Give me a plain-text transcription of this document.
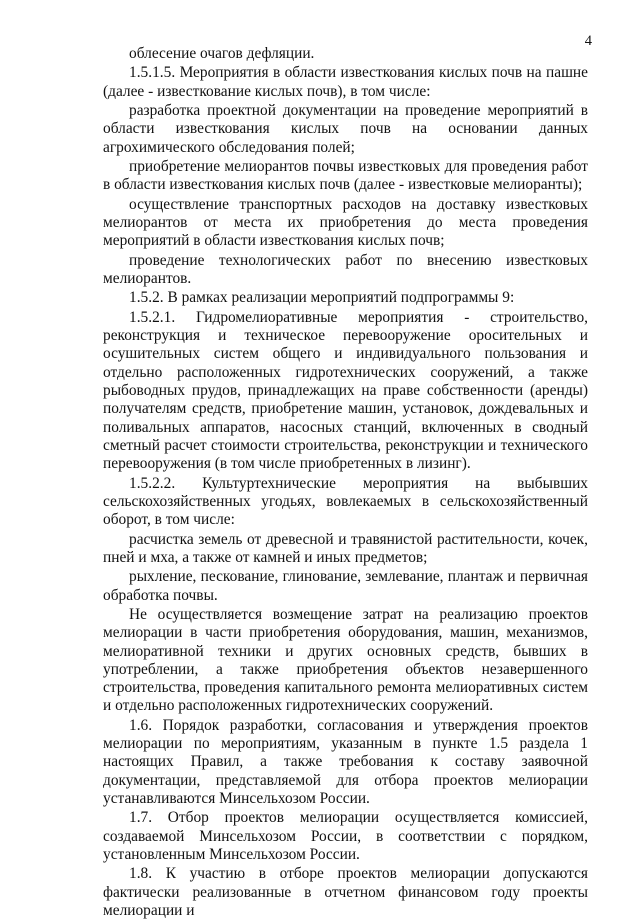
4

облесение очагов дефляции.

1.5.1.5. Мероприятия в области известкования кислых почв на пашне (далее - известкование кислых почв), в том числе:

разработка проектной документации на проведение мероприятий в области известкования кислых почв на основании данных агрохимического обследования полей;

приобретение мелиорантов почвы известковых для проведения работ в области известкования кислых почв (далее - известковые мелиоранты);

осуществление транспортных расходов на доставку известковых мелиорантов от места их приобретения до места проведения мероприятий в области известкования кислых почв;

проведение технологических работ по внесению известковых мелиорантов.

1.5.2. В рамках реализации мероприятий подпрограммы 9:

1.5.2.1. Гидромелиоративные мероприятия - строительство, реконструкция и техническое перевооружение оросительных и осушительных систем общего и индивидуального пользования и отдельно расположенных гидротехнических сооружений, а также рыбоводных прудов, принадлежащих на праве собственности (аренды) получателям средств, приобретение машин, установок, дождевальных и поливальных аппаратов, насосных станций, включенных в сводный сметный расчет стоимости строительства, реконструкции и технического перевооружения (в том числе приобретенных в лизинг).

1.5.2.2. Культуртехнические мероприятия на выбывших сельскохозяйственных угодьях, вовлекаемых в сельскохозяйственный оборот, в том числе:

расчистка земель от древесной и травянистой растительности, кочек, пней и мха, а также от камней и иных предметов;

рыхление, пескование, глинование, землевание, плантаж и первичная обработка почвы.

Не осуществляется возмещение затрат на реализацию проектов мелиорации в части приобретения оборудования, машин, механизмов, мелиоративной техники и других основных средств, бывших в употреблении, а также приобретения объектов незавершенного строительства, проведения капитального ремонта мелиоративных систем и отдельно расположенных гидротехнических сооружений.

1.6. Порядок разработки, согласования и утверждения проектов мелиорации по мероприятиям, указанным в пункте 1.5 раздела 1 настоящих Правил, а также требования к составу заявочной документации, представляемой для отбора проектов мелиорации устанавливаются Минсельхозом России.

1.7. Отбор проектов мелиорации осуществляется комиссией, создаваемой Минсельхозом России, в соответствии с порядком, установленным Минсельхозом России.

1.8. К участию в отборе проектов мелиорации допускаются фактически реализованные в отчетном финансовом году проекты мелиорации и
